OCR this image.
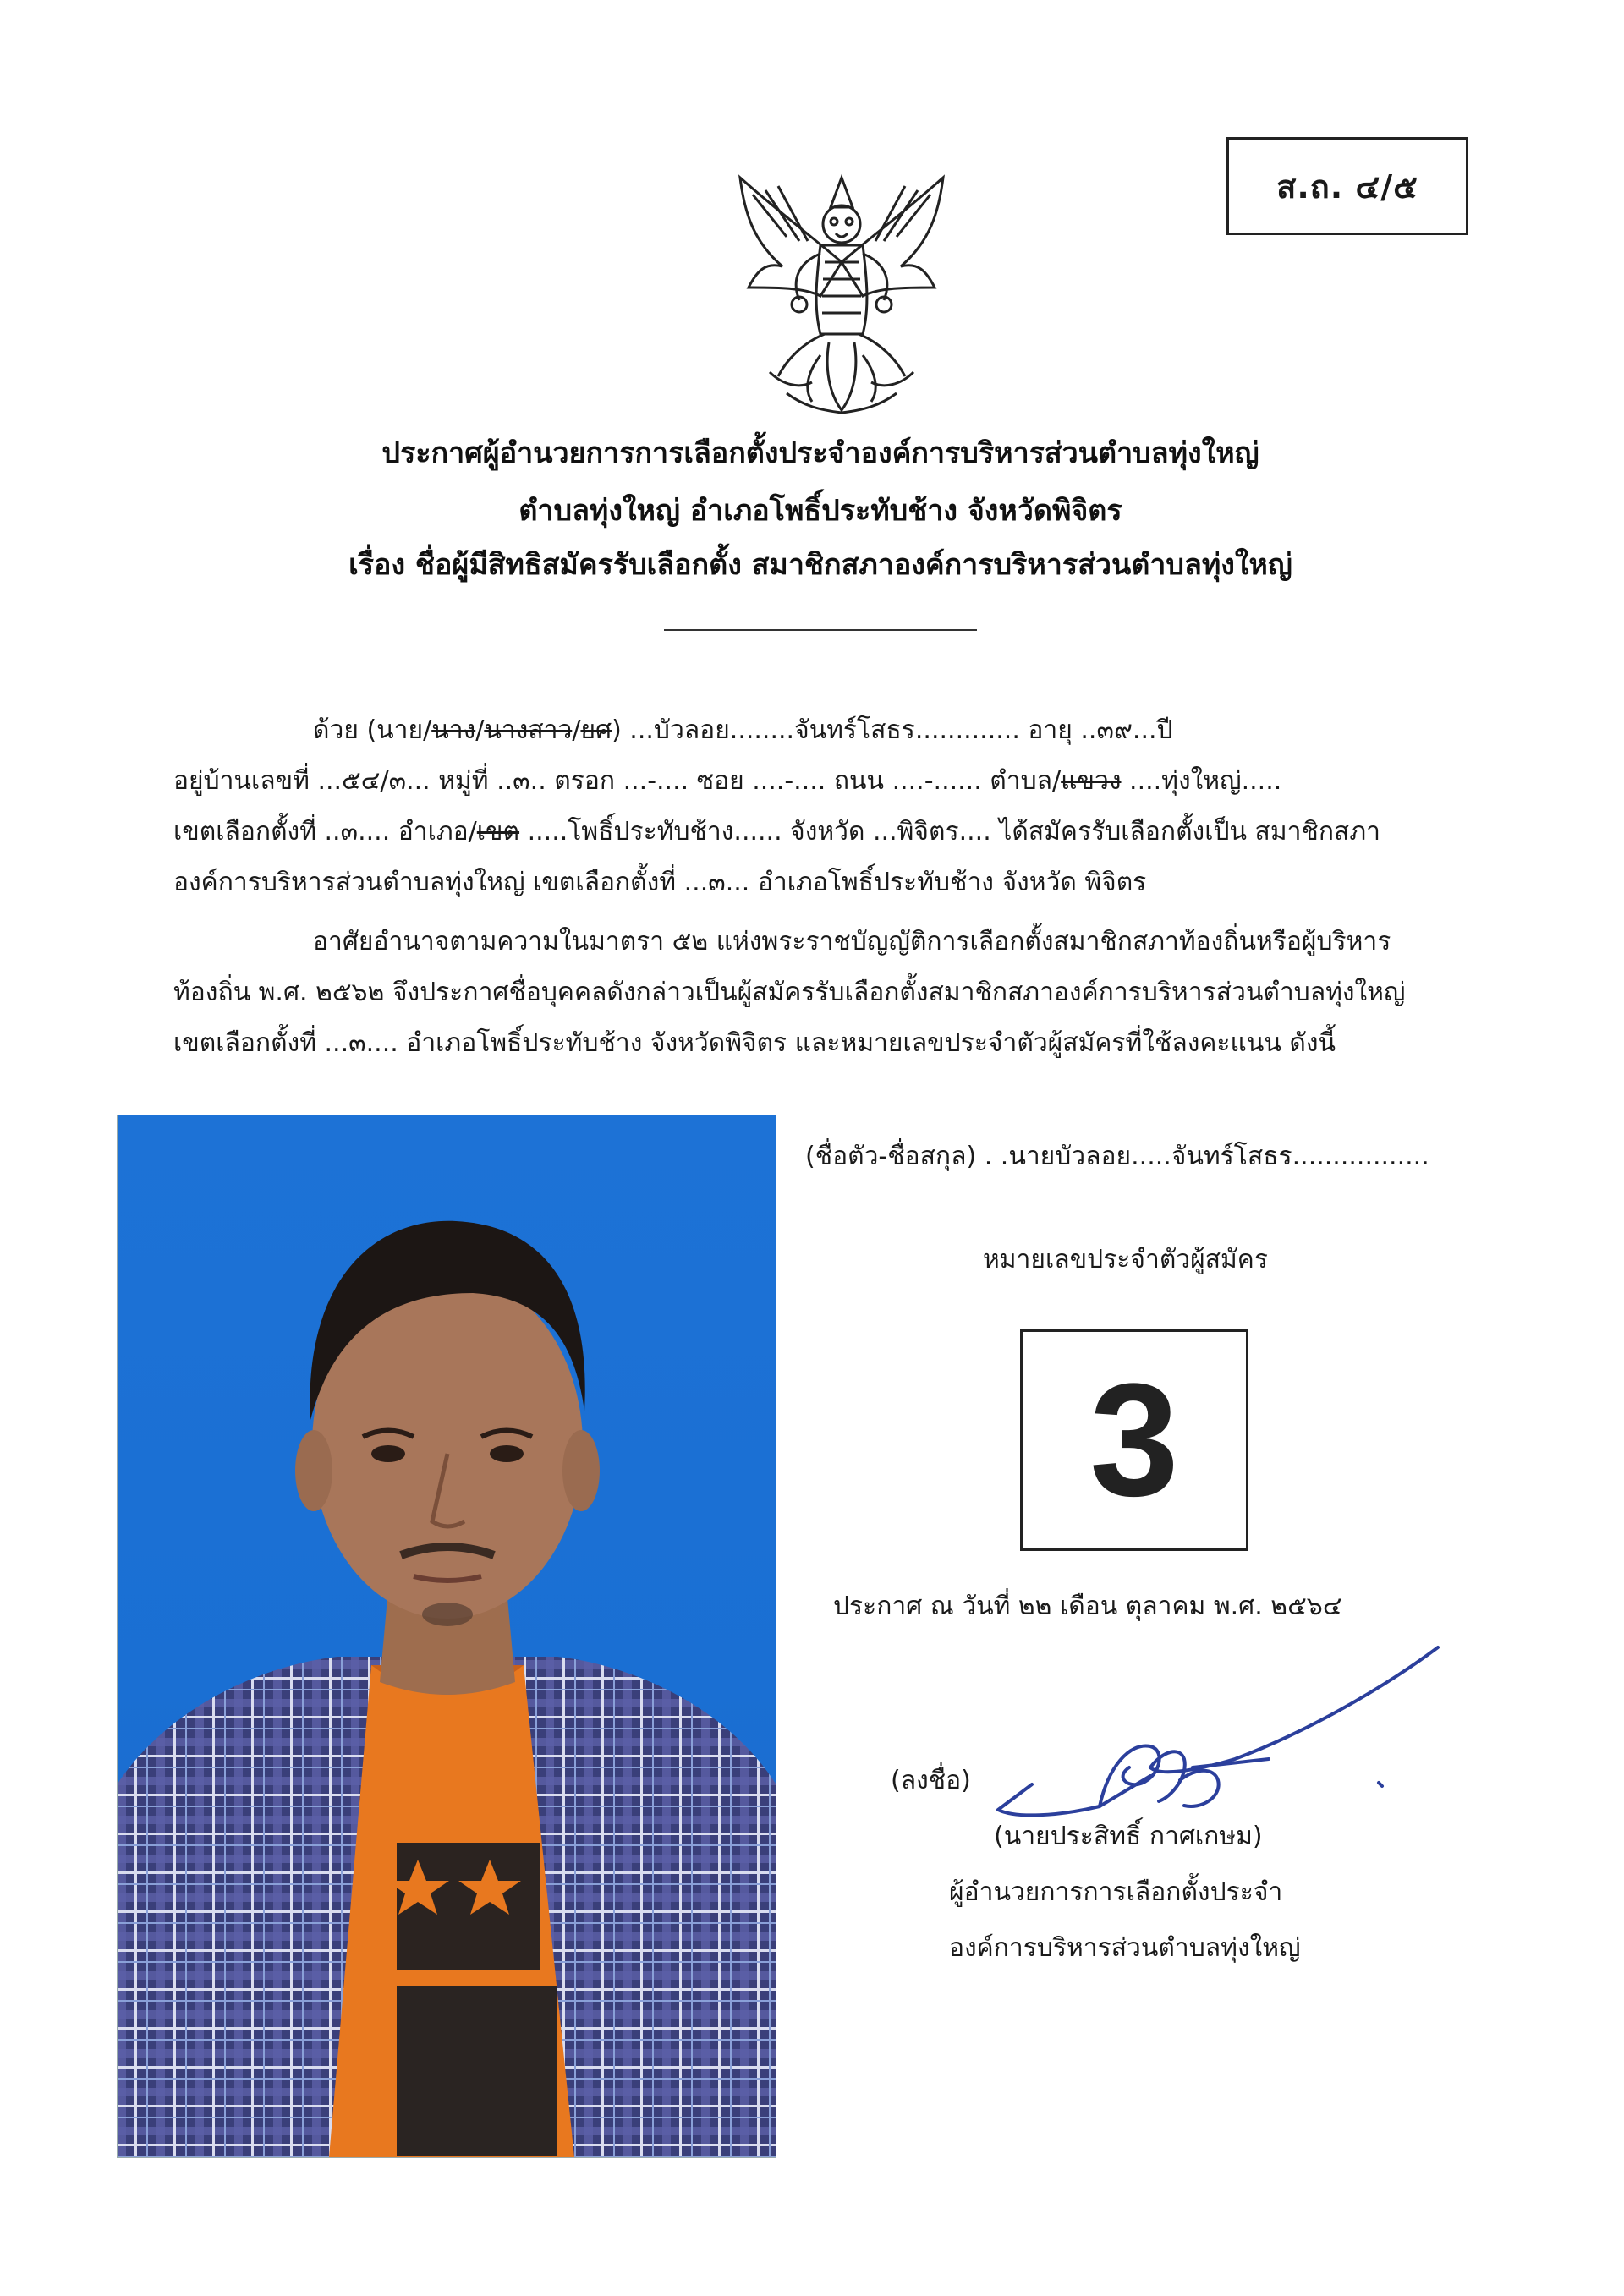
ส.ถ. ๔/๕
ประกาศผู้อำนวยการการเลือกตั้งประจำองค์การบริหารส่วนตำบลทุ่งใหญ่
ตำบลทุ่งใหญ่ อำเภอโพธิ์ประทับช้าง จังหวัดพิจิตร
เรื่อง ชื่อผู้มีสิทธิสมัครรับเลือกตั้ง สมาชิกสภาองค์การบริหารส่วนตำบลทุ่งใหญ่
ด้วย (นาย/นาง/นางสาว/ยศ) ...บัวลอย........จันทร์โสธร............. อายุ ..๓๙...ปี
อยู่บ้านเลขที่ ...๕๔/๓... หมู่ที่ ..๓.. ตรอก ...-.... ซอย ....-.... ถนน ....-...... ตำบล/แขวง ....ทุ่งใหญ่.....
เขตเลือกตั้งที่ ..๓.... อำเภอ/เขต .....โพธิ์ประทับช้าง...... จังหวัด ...พิจิตร.... ได้สมัครรับเลือกตั้งเป็น สมาชิกสภา
องค์การบริหารส่วนตำบลทุ่งใหญ่ เขตเลือกตั้งที่ ...๓... อำเภอโพธิ์ประทับช้าง จังหวัด พิจิตร
อาศัยอำนาจตามความในมาตรา ๕๒ แห่งพระราชบัญญัติการเลือกตั้งสมาชิกสภาท้องถิ่นหรือผู้บริหาร
ท้องถิ่น พ.ศ. ๒๕๖๒ จึงประกาศชื่อบุคคลดังกล่าวเป็นผู้สมัครรับเลือกตั้งสมาชิกสภาองค์การบริหารส่วนตำบลทุ่งใหญ่
เขตเลือกตั้งที่ ...๓.... อำเภอโพธิ์ประทับช้าง จังหวัดพิจิตร และหมายเลขประจำตัวผู้สมัครที่ใช้ลงคะแนน ดังนี้
(ชื่อตัว-ชื่อสกุล) . .นายบัวลอย.....จันทร์โสธร.................
หมายเลขประจำตัวผู้สมัคร
3
ประกาศ ณ วันที่ ๒๒ เดือน ตุลาคม พ.ศ. ๒๕๖๔
(ลงชื่อ)
(นายประสิทธิ์ กาศเกษม)
ผู้อำนวยการการเลือกตั้งประจำ
องค์การบริหารส่วนตำบลทุ่งใหญ่
